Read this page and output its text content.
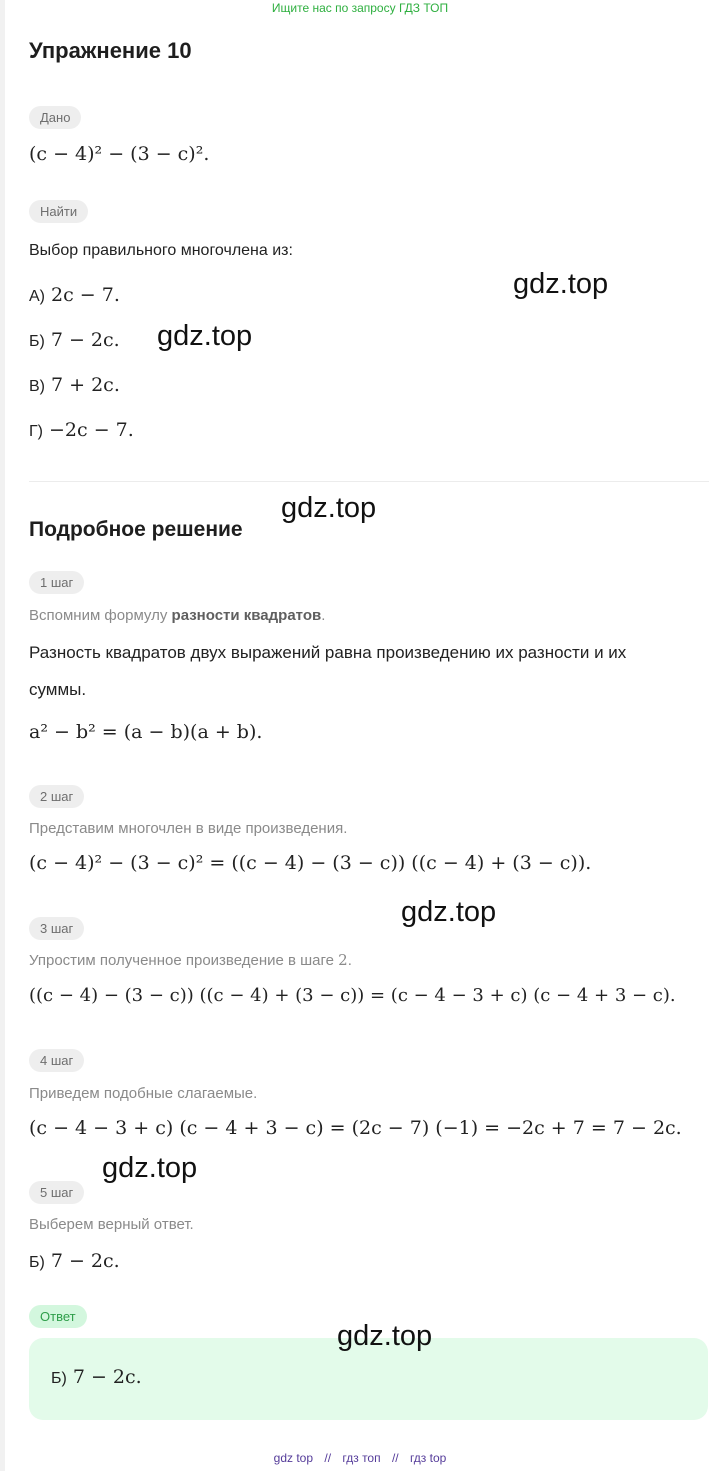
Ищите нас по запросу ГДЗ ТОП
Упражнение 10
Дано
(c − 4)² − (3 − c)².
Найти
Выбор правильного многочлена из:
А) 2c − 7.
Б) 7 − 2c.
В) 7 + 2c.
Г) −2c − 7.
Подробное решение
1 шаг
Вспомним формулу разности квадратов.
Разность квадратов двух выражений равна произведению их разности и их
суммы.
a² − b² = (a − b)(a + b).
2 шаг
Представим многочлен в виде произведения.
(c − 4)² − (3 − c)² = ((c − 4) − (3 − c)) ((c − 4) + (3 − c)).
3 шаг
Упростим полученное произведение в шаге 2.
((c − 4) − (3 − c)) ((c − 4) + (3 − c)) = (c − 4 − 3 + c) (c − 4 + 3 − c).
4 шаг
Приведем подобные слагаемые.
(c − 4 − 3 + c) (c − 4 + 3 − c) = (2c − 7) (−1) = −2c + 7 = 7 − 2c.
5 шаг
Выберем верный ответ.
Б) 7 − 2c.
Ответ
Б) 7 − 2c.
gdz.top
gdz.top
gdz.top
gdz.top
gdz.top
gdz.top
gdz top // гдз топ // гдз top
